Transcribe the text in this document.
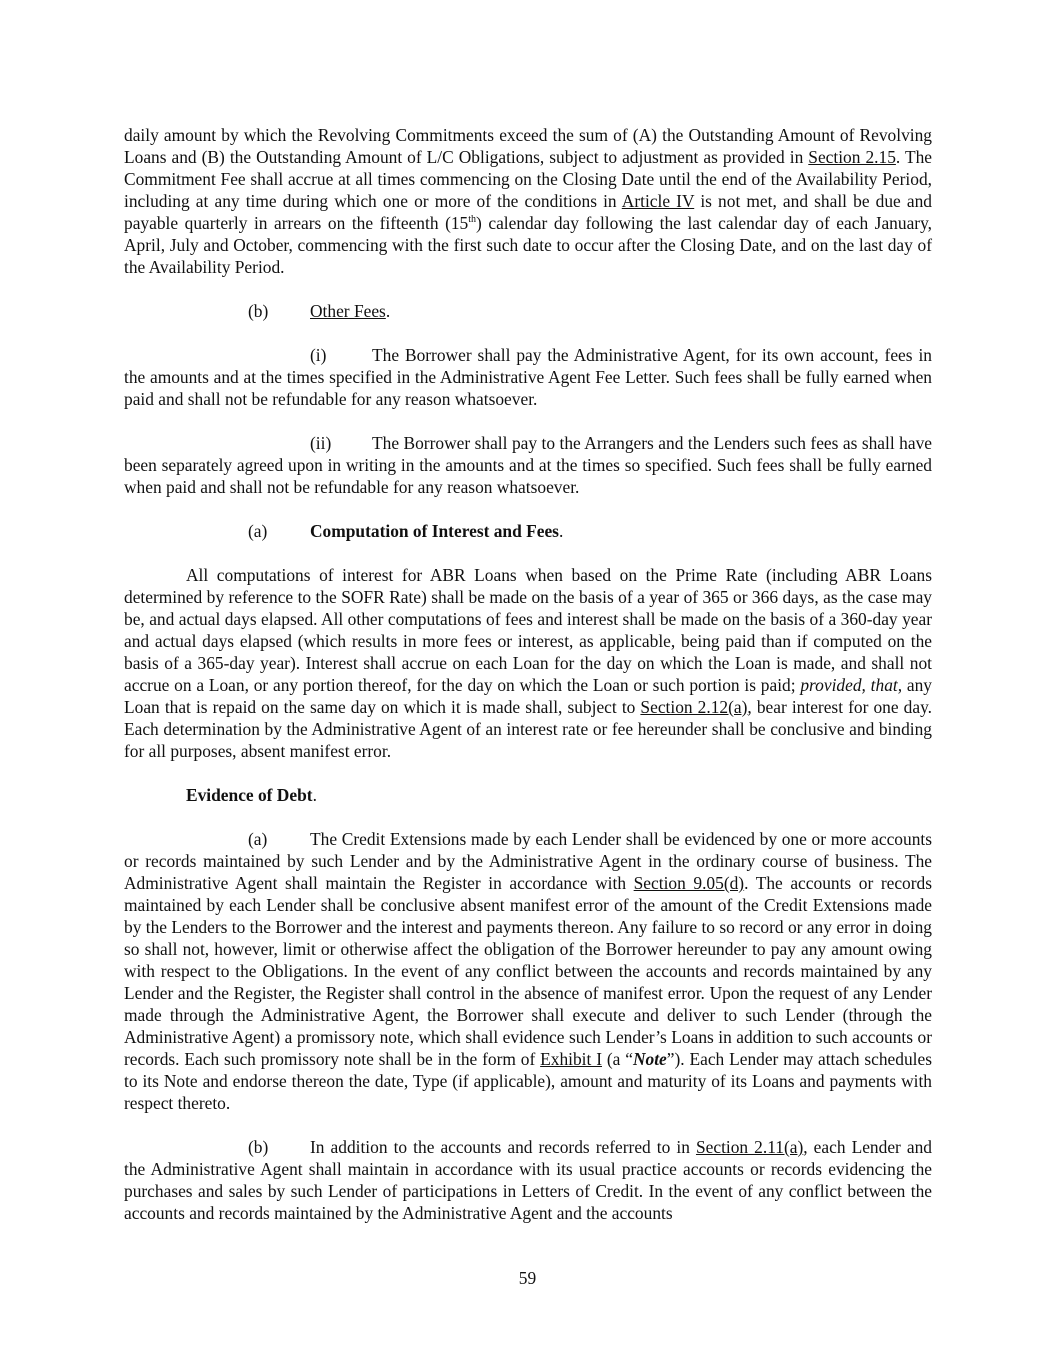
daily amount by which the Revolving Commitments exceed the sum of (A) the Outstanding Amount of Revolving Loans and (B) the Outstanding Amount of L/C Obligations, subject to adjustment as provided in Section 2.15. The Commitment Fee shall accrue at all times commencing on the Closing Date until the end of the Availability Period, including at any time during which one or more of the conditions in Article IV is not met, and shall be due and payable quarterly in arrears on the fifteenth (15th) calendar day following the last calendar day of each January, April, July and October, commencing with the first such date to occur after the Closing Date, and on the last day of the Availability Period.

(b) Other Fees.

(i)	The Borrower shall pay the Administrative Agent, for its own account, fees in the amounts and at the times specified in the Administrative Agent Fee Letter. Such fees shall be fully earned when paid and shall not be refundable for any reason whatsoever.

(ii) The Borrower shall pay to the Arrangers and the Lenders such fees as shall have been separately agreed upon in writing in the amounts and at the times so specified. Such fees shall be fully earned when paid and shall not be refundable for any reason whatsoever.

(a) Computation of Interest and Fees.

All computations of interest for ABR Loans when based on the Prime Rate (including ABR Loans determined by reference to the SOFR Rate) shall be made on the basis of a year of 365 or 366 days, as the case may be, and actual days elapsed. All other computations of fees and interest shall be made on the basis of a 360-day year and actual days elapsed (which results in more fees or interest, as applicable, being paid than if computed on the basis of a 365-day year). Interest shall accrue on each Loan for the day on which the Loan is made, and shall not accrue on a Loan, or any portion thereof, for the day on which the Loan or such portion is paid; provided, that, any Loan that is repaid on the same day on which it is made shall, subject to Section 2.12(a), bear interest for one day. Each determination by the Administrative Agent of an interest rate or fee hereunder shall be conclusive and binding for all purposes, absent manifest error.

Evidence of Debt.

(a) The Credit Extensions made by each Lender shall be evidenced by one or more accounts or records maintained by such Lender and by the Administrative Agent in the ordinary course of business. The Administrative Agent shall maintain the Register in accordance with Section 9.05(d). The accounts or records maintained by each Lender shall be conclusive absent manifest error of the amount of the Credit Extensions made by the Lenders to the Borrower and the interest and payments thereon. Any failure to so record or any error in doing so shall not, however, limit or otherwise affect the obligation of the Borrower hereunder to pay any amount owing with respect to the Obligations. In the event of any conflict between the accounts and records maintained by any Lender and the Register, the Register shall control in the absence of manifest error. Upon the request of any Lender made through the Administrative Agent, the Borrower shall execute and deliver to such Lender (through the Administrative Agent) a promissory note, which shall evidence such Lender’s Loans in addition to such accounts or records. Each such promissory note shall be in the form of Exhibit I (a “Note”). Each Lender may attach schedules to its Note and endorse thereon the date, Type (if applicable), amount and maturity of its Loans and payments with respect thereto.

(b) In addition to the accounts and records referred to in Section 2.11(a), each Lender and the Administrative Agent shall maintain in accordance with its usual practice accounts or records evidencing the purchases and sales by such Lender of participations in Letters of Credit. In the event of any conflict between the accounts and records maintained by the Administrative Agent and the accounts

59
